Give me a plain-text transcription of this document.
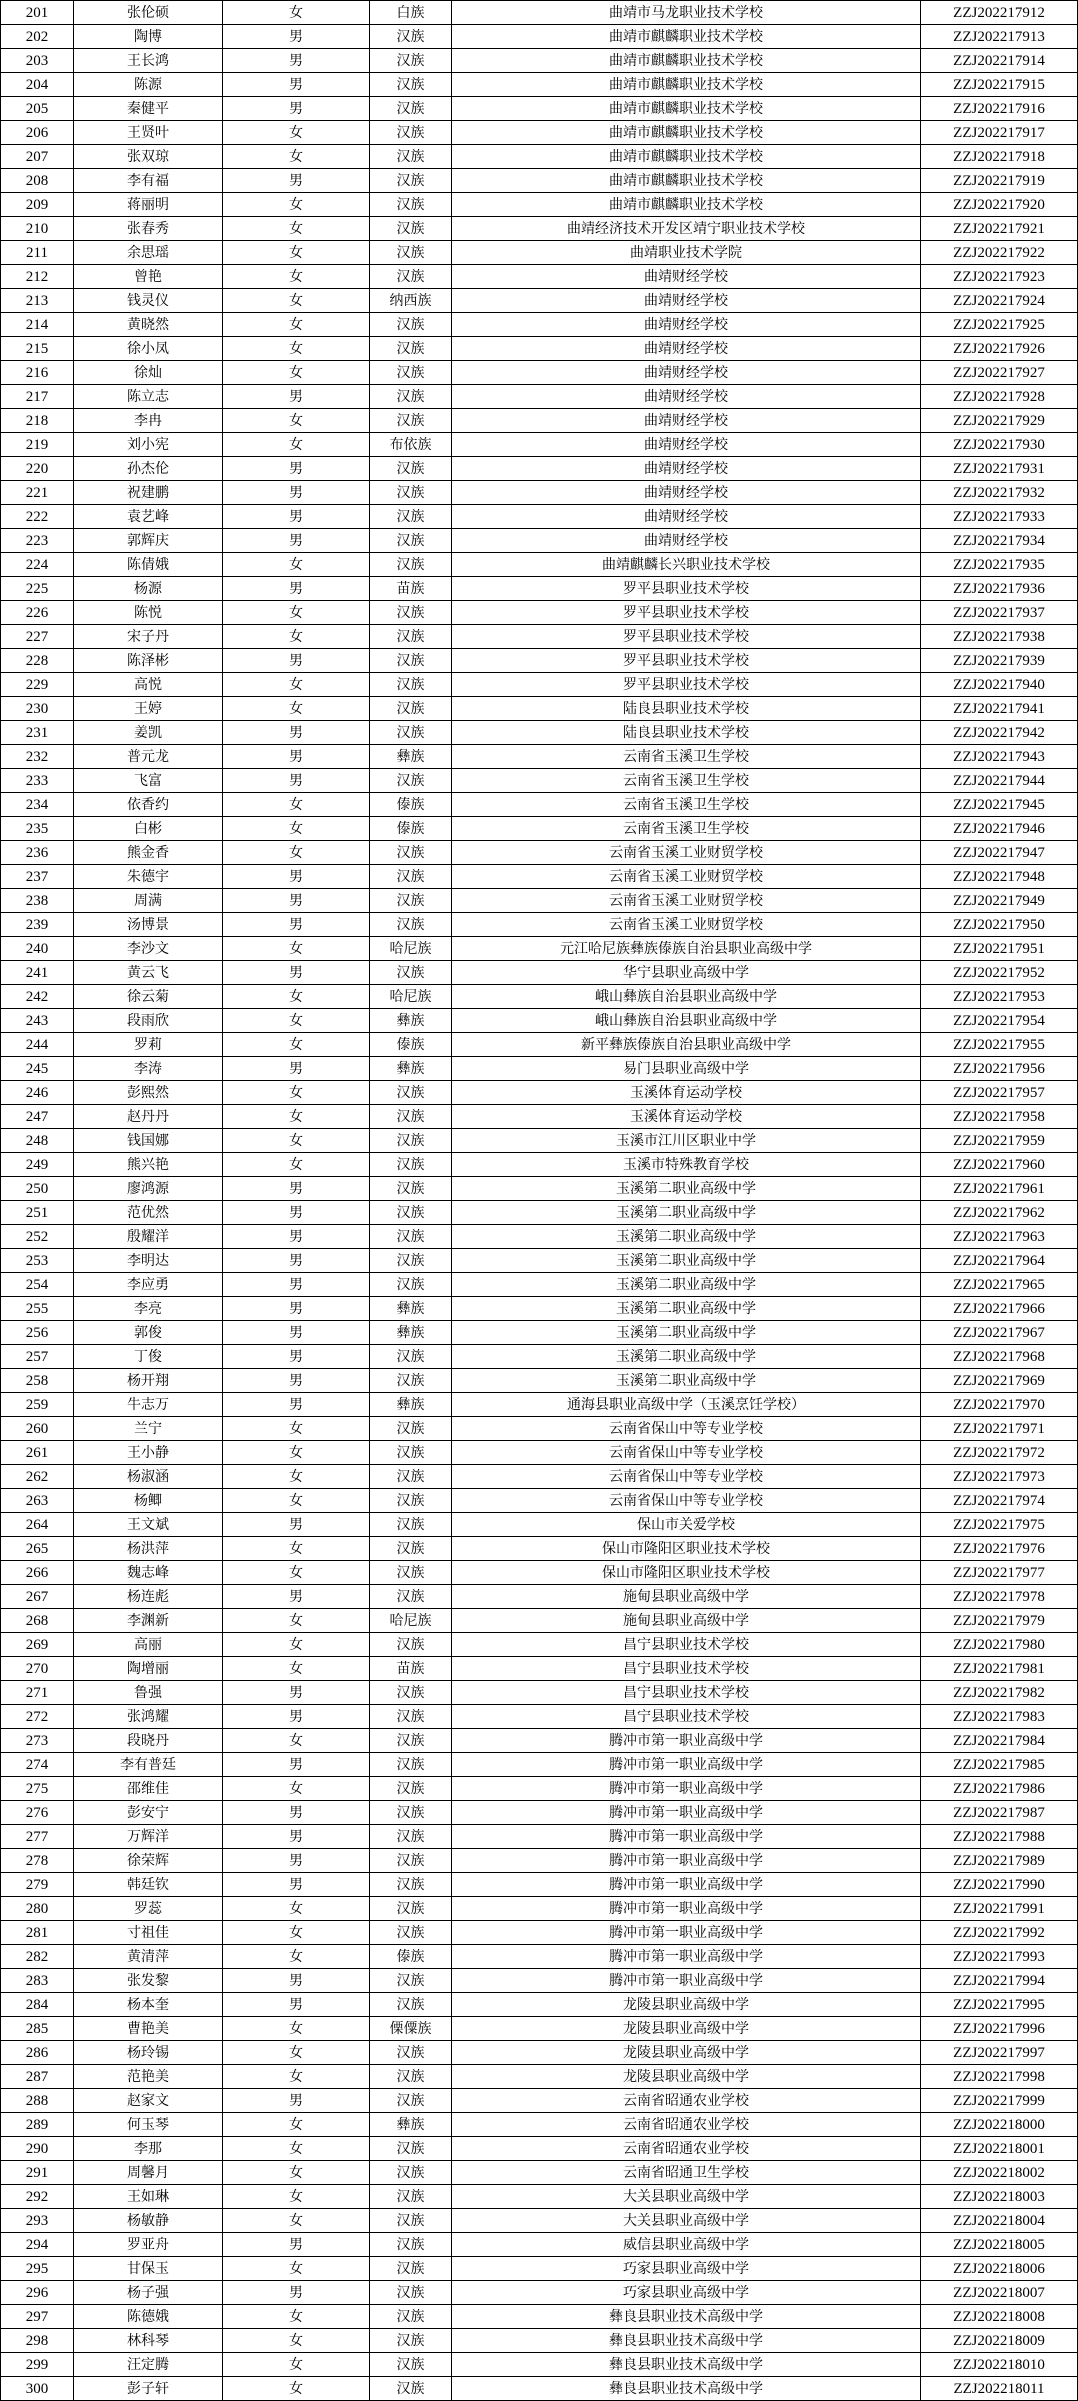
201	张伦硕	女	白族	曲靖市马龙职业技术学校	ZZJ202217912
202	陶博	男	汉族	曲靖市麒麟职业技术学校	ZZJ202217913
203	王长鸿	男	汉族	曲靖市麒麟职业技术学校	ZZJ202217914
204	陈源	男	汉族	曲靖市麒麟职业技术学校	ZZJ202217915
205	秦健平	男	汉族	曲靖市麒麟职业技术学校	ZZJ202217916
206	王贤叶	女	汉族	曲靖市麒麟职业技术学校	ZZJ202217917
207	张双琼	女	汉族	曲靖市麒麟职业技术学校	ZZJ202217918
208	李有福	男	汉族	曲靖市麒麟职业技术学校	ZZJ202217919
209	蒋丽明	女	汉族	曲靖市麒麟职业技术学校	ZZJ202217920
210	张春秀	女	汉族	曲靖经济技术开发区靖宁职业技术学校	ZZJ202217921
211	余思瑶	女	汉族	曲靖职业技术学院	ZZJ202217922
212	曾艳	女	汉族	曲靖财经学校	ZZJ202217923
213	钱灵仪	女	纳西族	曲靖财经学校	ZZJ202217924
214	黄晓然	女	汉族	曲靖财经学校	ZZJ202217925
215	徐小凤	女	汉族	曲靖财经学校	ZZJ202217926
216	徐灿	女	汉族	曲靖财经学校	ZZJ202217927
217	陈立志	男	汉族	曲靖财经学校	ZZJ202217928
218	李冉	女	汉族	曲靖财经学校	ZZJ202217929
219	刘小宪	女	布依族	曲靖财经学校	ZZJ202217930
220	孙杰伦	男	汉族	曲靖财经学校	ZZJ202217931
221	祝建鹏	男	汉族	曲靖财经学校	ZZJ202217932
222	袁艺峰	男	汉族	曲靖财经学校	ZZJ202217933
223	郭辉庆	男	汉族	曲靖财经学校	ZZJ202217934
224	陈倩娥	女	汉族	曲靖麒麟长兴职业技术学校	ZZJ202217935
225	杨源	男	苗族	罗平县职业技术学校	ZZJ202217936
226	陈悦	女	汉族	罗平县职业技术学校	ZZJ202217937
227	宋子丹	女	汉族	罗平县职业技术学校	ZZJ202217938
228	陈泽彬	男	汉族	罗平县职业技术学校	ZZJ202217939
229	高悦	女	汉族	罗平县职业技术学校	ZZJ202217940
230	王婷	女	汉族	陆良县职业技术学校	ZZJ202217941
231	姜凯	男	汉族	陆良县职业技术学校	ZZJ202217942
232	普元龙	男	彝族	云南省玉溪卫生学校	ZZJ202217943
233	飞富	男	汉族	云南省玉溪卫生学校	ZZJ202217944
234	依香约	女	傣族	云南省玉溪卫生学校	ZZJ202217945
235	白彬	女	傣族	云南省玉溪卫生学校	ZZJ202217946
236	熊金香	女	汉族	云南省玉溪工业财贸学校	ZZJ202217947
237	朱德宇	男	汉族	云南省玉溪工业财贸学校	ZZJ202217948
238	周满	男	汉族	云南省玉溪工业财贸学校	ZZJ202217949
239	汤博景	男	汉族	云南省玉溪工业财贸学校	ZZJ202217950
240	李沙文	女	哈尼族	元江哈尼族彝族傣族自治县职业高级中学	ZZJ202217951
241	黄云飞	男	汉族	华宁县职业高级中学	ZZJ202217952
242	徐云菊	女	哈尼族	峨山彝族自治县职业高级中学	ZZJ202217953
243	段雨欣	女	彝族	峨山彝族自治县职业高级中学	ZZJ202217954
244	罗莉	女	傣族	新平彝族傣族自治县职业高级中学	ZZJ202217955
245	李涛	男	彝族	易门县职业高级中学	ZZJ202217956
246	彭熙然	女	汉族	玉溪体育运动学校	ZZJ202217957
247	赵丹丹	女	汉族	玉溪体育运动学校	ZZJ202217958
248	钱国娜	女	汉族	玉溪市江川区职业中学	ZZJ202217959
249	熊兴艳	女	汉族	玉溪市特殊教育学校	ZZJ202217960
250	廖鸿源	男	汉族	玉溪第二职业高级中学	ZZJ202217961
251	范优然	男	汉族	玉溪第二职业高级中学	ZZJ202217962
252	殷耀洋	男	汉族	玉溪第二职业高级中学	ZZJ202217963
253	李明达	男	汉族	玉溪第二职业高级中学	ZZJ202217964
254	李应勇	男	汉族	玉溪第二职业高级中学	ZZJ202217965
255	李亮	男	彝族	玉溪第二职业高级中学	ZZJ202217966
256	郭俊	男	彝族	玉溪第二职业高级中学	ZZJ202217967
257	丁俊	男	汉族	玉溪第二职业高级中学	ZZJ202217968
258	杨开翔	男	汉族	玉溪第二职业高级中学	ZZJ202217969
259	牛志万	男	彝族	通海县职业高级中学（玉溪烹饪学校）	ZZJ202217970
260	兰宁	女	汉族	云南省保山中等专业学校	ZZJ202217971
261	王小静	女	汉族	云南省保山中等专业学校	ZZJ202217972
262	杨淑涵	女	汉族	云南省保山中等专业学校	ZZJ202217973
263	杨鲫	女	汉族	云南省保山中等专业学校	ZZJ202217974
264	王文斌	男	汉族	保山市关爱学校	ZZJ202217975
265	杨洪萍	女	汉族	保山市隆阳区职业技术学校	ZZJ202217976
266	魏志峰	女	汉族	保山市隆阳区职业技术学校	ZZJ202217977
267	杨连彪	男	汉族	施甸县职业高级中学	ZZJ202217978
268	李渊新	女	哈尼族	施甸县职业高级中学	ZZJ202217979
269	高丽	女	汉族	昌宁县职业技术学校	ZZJ202217980
270	陶增丽	女	苗族	昌宁县职业技术学校	ZZJ202217981
271	鲁强	男	汉族	昌宁县职业技术学校	ZZJ202217982
272	张鸿耀	男	汉族	昌宁县职业技术学校	ZZJ202217983
273	段晓丹	女	汉族	腾冲市第一职业高级中学	ZZJ202217984
274	李有普廷	男	汉族	腾冲市第一职业高级中学	ZZJ202217985
275	邵维佳	女	汉族	腾冲市第一职业高级中学	ZZJ202217986
276	彭安宁	男	汉族	腾冲市第一职业高级中学	ZZJ202217987
277	万辉洋	男	汉族	腾冲市第一职业高级中学	ZZJ202217988
278	徐荣辉	男	汉族	腾冲市第一职业高级中学	ZZJ202217989
279	韩廷钦	男	汉族	腾冲市第一职业高级中学	ZZJ202217990
280	罗蕊	女	汉族	腾冲市第一职业高级中学	ZZJ202217991
281	寸祖佳	女	汉族	腾冲市第一职业高级中学	ZZJ202217992
282	黄清萍	女	傣族	腾冲市第一职业高级中学	ZZJ202217993
283	张发黎	男	汉族	腾冲市第一职业高级中学	ZZJ202217994
284	杨本奎	男	汉族	龙陵县职业高级中学	ZZJ202217995
285	曹艳美	女	傈僳族	龙陵县职业高级中学	ZZJ202217996
286	杨玲锡	女	汉族	龙陵县职业高级中学	ZZJ202217997
287	范艳美	女	汉族	龙陵县职业高级中学	ZZJ202217998
288	赵家文	男	汉族	云南省昭通农业学校	ZZJ202217999
289	何玉琴	女	彝族	云南省昭通农业学校	ZZJ202218000
290	李那	女	汉族	云南省昭通农业学校	ZZJ202218001
291	周馨月	女	汉族	云南省昭通卫生学校	ZZJ202218002
292	王如琳	女	汉族	大关县职业高级中学	ZZJ202218003
293	杨敏静	女	汉族	大关县职业高级中学	ZZJ202218004
294	罗亚舟	男	汉族	威信县职业高级中学	ZZJ202218005
295	甘保玉	女	汉族	巧家县职业高级中学	ZZJ202218006
296	杨子强	男	汉族	巧家县职业高级中学	ZZJ202218007
297	陈德娥	女	汉族	彝良县职业技术高级中学	ZZJ202218008
298	林科琴	女	汉族	彝良县职业技术高级中学	ZZJ202218009
299	汪定腾	女	汉族	彝良县职业技术高级中学	ZZJ202218010
300	彭子轩	女	汉族	彝良县职业技术高级中学	ZZJ202218011
